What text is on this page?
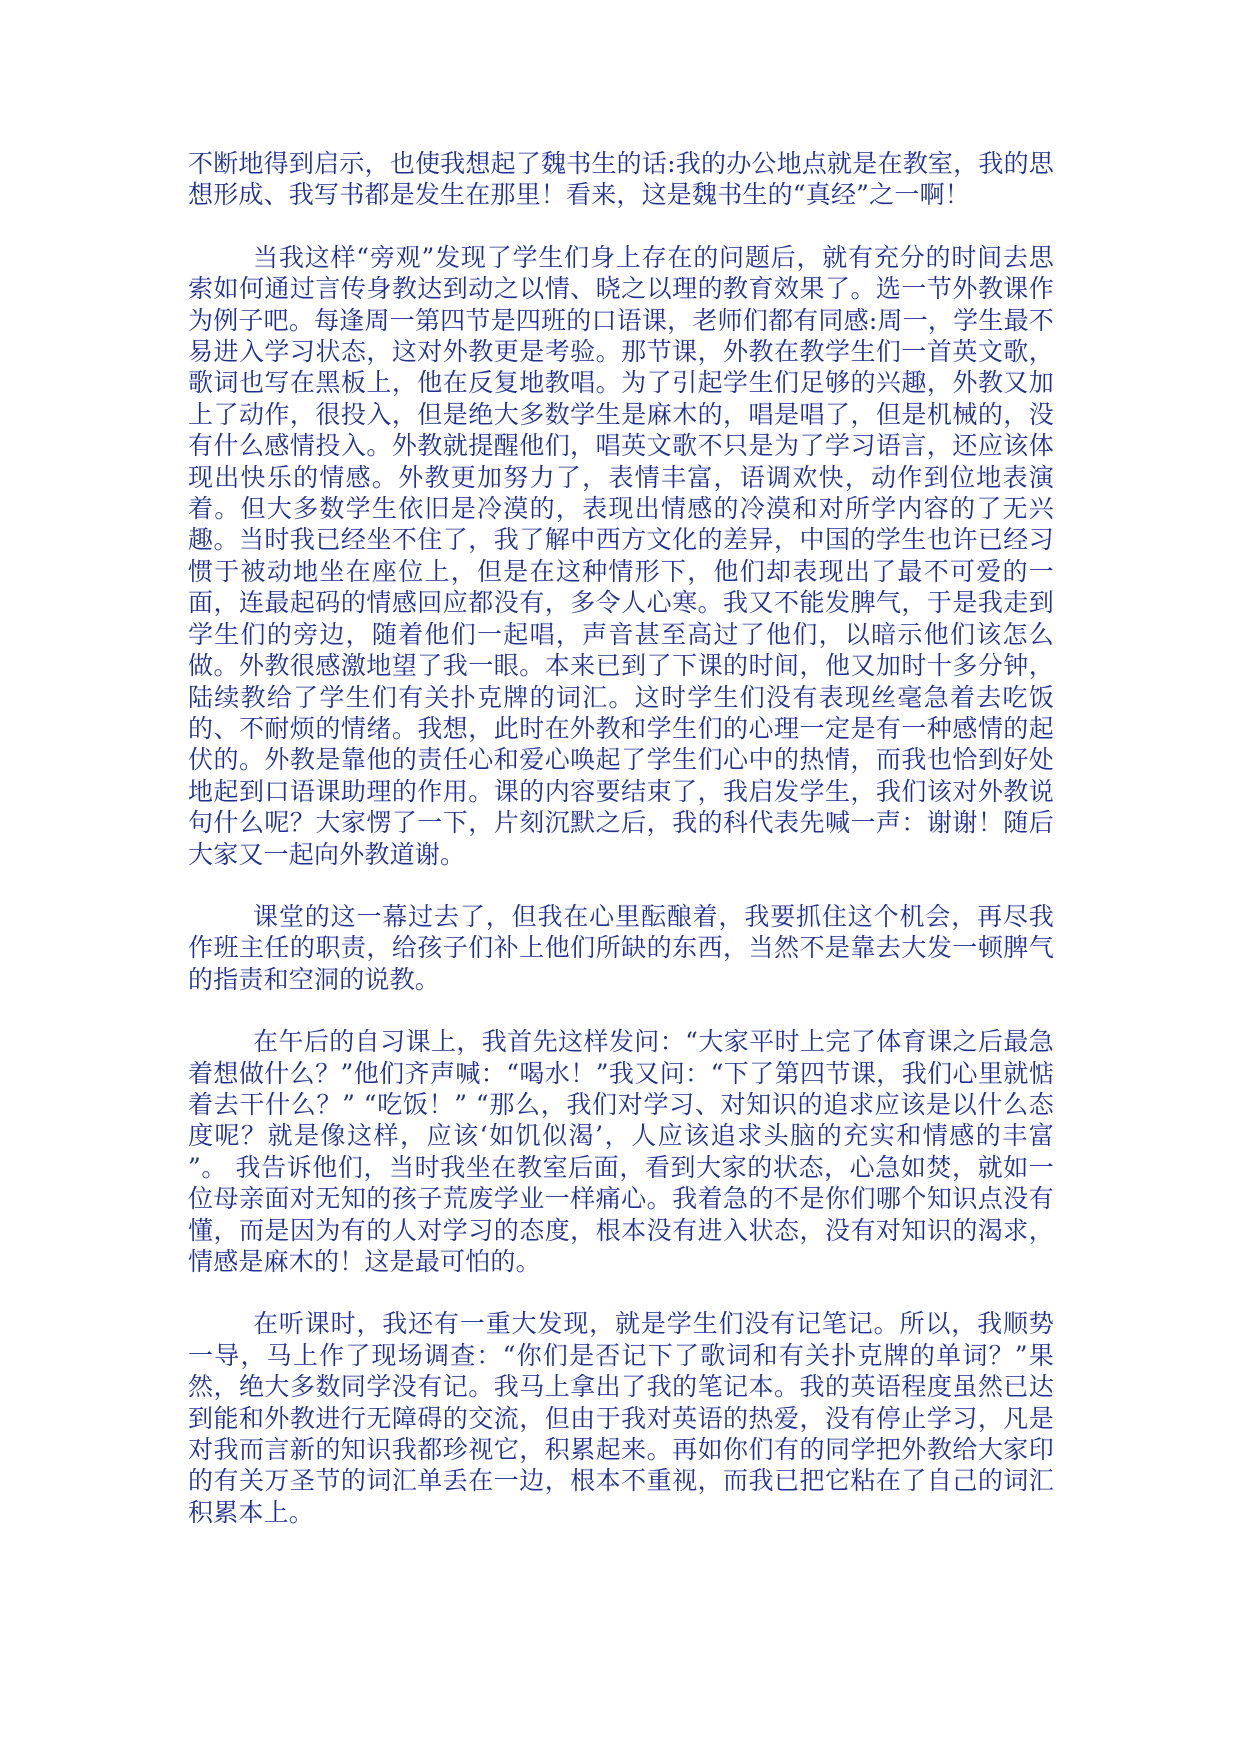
不断地得到启示，也使我想起了魏书生的话:我的办公地点就是在教室，我的思想形成、我写书都是发生在那里！看来，这是魏书生的“真经”之一啊！

当我这样“旁观”发现了学生们身上存在的问题后，就有充分的时间去思索如何通过言传身教达到动之以情、晓之以理的教育效果了。选一节外教课作为例子吧。每逢周一第四节是四班的口语课，老师们都有同感:周一，学生最不易进入学习状态，这对外教更是考验。那节课，外教在教学生们一首英文歌，歌词也写在黑板上，他在反复地教唱。为了引起学生们足够的兴趣，外教又加上了动作，很投入，但是绝大多数学生是麻木的，唱是唱了，但是机械的，没有什么感情投入。外教就提醒他们，唱英文歌不只是为了学习语言，还应该体现出快乐的情感。外教更加努力了，表情丰富，语调欢快，动作到位地表演着。但大多数学生依旧是冷漠的，表现出情感的冷漠和对所学内容的了无兴趣。当时我已经坐不住了，我了解中西方文化的差异，中国的学生也许已经习惯于被动地坐在座位上，但是在这种情形下，他们却表现出了最不可爱的一面，连最起码的情感回应都没有，多令人心寒。我又不能发脾气，于是我走到学生们的旁边，随着他们一起唱，声音甚至高过了他们，以暗示他们该怎么做。外教很感激地望了我一眼。本来已到了下课的时间，他又加时十多分钟，陆续教给了学生们有关扑克牌的词汇。这时学生们没有表现丝毫急着去吃饭的、不耐烦的情绪。我想，此时在外教和学生们的心理一定是有一种感情的起伏的。外教是靠他的责任心和爱心唤起了学生们心中的热情，而我也恰到好处地起到口语课助理的作用。课的内容要结束了，我启发学生，我们该对外教说句什么呢？大家愣了一下，片刻沉默之后，我的科代表先喊一声：谢谢！随后大家又一起向外教道谢。

课堂的这一幕过去了，但我在心里酝酿着，我要抓住这个机会，再尽我作班主任的职责，给孩子们补上他们所缺的东西，当然不是靠去大发一顿脾气的指责和空洞的说教。

在午后的自习课上，我首先这样发问：“大家平时上完了体育课之后最急着想做什么？”他们齐声喊：“喝水！”我又问：“下了第四节课，我们心里就惦着去干什么？” “吃饭！” “那么，我们对学习、对知识的追求应该是以什么态度呢？就是像这样，应该‘如饥似渴’，人应该追求头脑的充实和情感的丰富 ”。 我告诉他们，当时我坐在教室后面，看到大家的状态，心急如焚，就如一位母亲面对无知的孩子荒废学业一样痛心。我着急的不是你们哪个知识点没有懂，而是因为有的人对学习的态度，根本没有进入状态，没有对知识的渴求，情感是麻木的！这是最可怕的。

在听课时，我还有一重大发现，就是学生们没有记笔记。所以，我顺势一导，马上作了现场调查：“你们是否记下了歌词和有关扑克牌的单词？”果然，绝大多数同学没有记。我马上拿出了我的笔记本。我的英语程度虽然已达到能和外教进行无障碍的交流，但由于我对英语的热爱，没有停止学习，凡是对我而言新的知识我都珍视它，积累起来。再如你们有的同学把外教给大家印的有关万圣节的词汇单丢在一边，根本不重视，而我已把它粘在了自己的词汇积累本上。
